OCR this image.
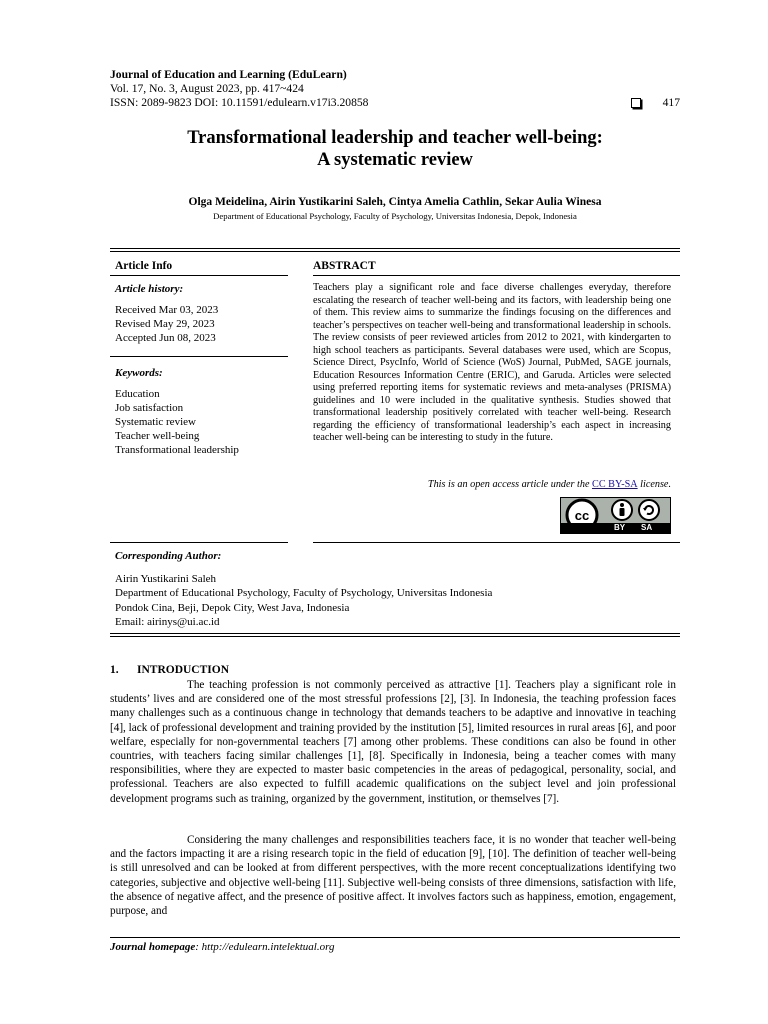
Journal of Education and Learning (EduLearn)
Vol. 17, No. 3, August 2023, pp. 417~424
ISSN: 2089-9823 DOI: 10.11591/edulearn.v17i3.20858	417
Transformational leadership and teacher well-being:
A systematic review
Olga Meidelina, Airin Yustikarini Saleh, Cintya Amelia Cathlin, Sekar Aulia Winesa
Department of Educational Psychology, Faculty of Psychology, Universitas Indonesia, Depok, Indonesia
Article Info
Article history:
Received Mar 03, 2023
Revised May 29, 2023
Accepted Jun 08, 2023
Keywords:
Education
Job satisfaction
Systematic review
Teacher well-being
Transformational leadership
ABSTRACT
Teachers play a significant role and face diverse challenges everyday, therefore escalating the research of teacher well-being and its factors, with leadership being one of them. This review aims to summarize the findings focusing on the differences and teacher’s perspectives on teacher well-being and transformational leadership in schools. The review consists of peer reviewed articles from 2012 to 2021, with kindergarten to high school teachers as participants. Several databases were used, which are Scopus, Science Direct, PsycInfo, World of Science (WoS) Journal, PubMed, SAGE journals, Education Resources Information Centre (ERIC), and Garuda. Articles were selected using preferred reporting items for systematic reviews and meta-analyses (PRISMA) guidelines and 10 were included in the qualitative synthesis. Studies showed that transformational leadership positively correlated with teacher well-being. Research regarding the efficiency of transformational leadership’s each aspect in increasing teacher well-being can be interesting to study in the future.
This is an open access article under the CC BY-SA license.
cc
BY SA
Corresponding Author:
Airin Yustikarini Saleh
Department of Educational Psychology, Faculty of Psychology, Universitas Indonesia
Pondok Cina, Beji, Depok City, West Java, Indonesia
Email: airinys@ui.ac.id
1. INTRODUCTION
The teaching profession is not commonly perceived as attractive [1]. Teachers play a significant role in students’ lives and are considered one of the most stressful professions [2], [3]. In Indonesia, the teaching profession faces many challenges such as a continuous change in technology that demands teachers to be adaptive and innovative in teaching [4], lack of professional development and training provided by the institution [5], limited resources in rural areas [6], and poor welfare, especially for non-governmental teachers [7] among other problems. These conditions can also be found in other countries, with teachers facing similar challenges [1], [8]. Specifically in Indonesia, being a teacher comes with many responsibilities, where they are expected to master basic competencies in the areas of pedagogical, personality, social, and professional. Teachers are also expected to fulfill academic qualifications on the subject level and join professional development programs such as training, organized by the government, institution, or themselves [7].
Considering the many challenges and responsibilities teachers face, it is no wonder that teacher well-being and the factors impacting it are a rising research topic in the field of education [9], [10]. The definition of teacher well-being is still unresolved and can be looked at from different perspectives, with the more recent conceptualizations identifying two categories, subjective and objective well-being [11]. Subjective well-being consists of three dimensions, satisfaction with life, the absence of negative affect, and the presence of positive affect. It involves factors such as happiness, emotion, engagement, purpose, and
Journal homepage: http://edulearn.intelektual.org
